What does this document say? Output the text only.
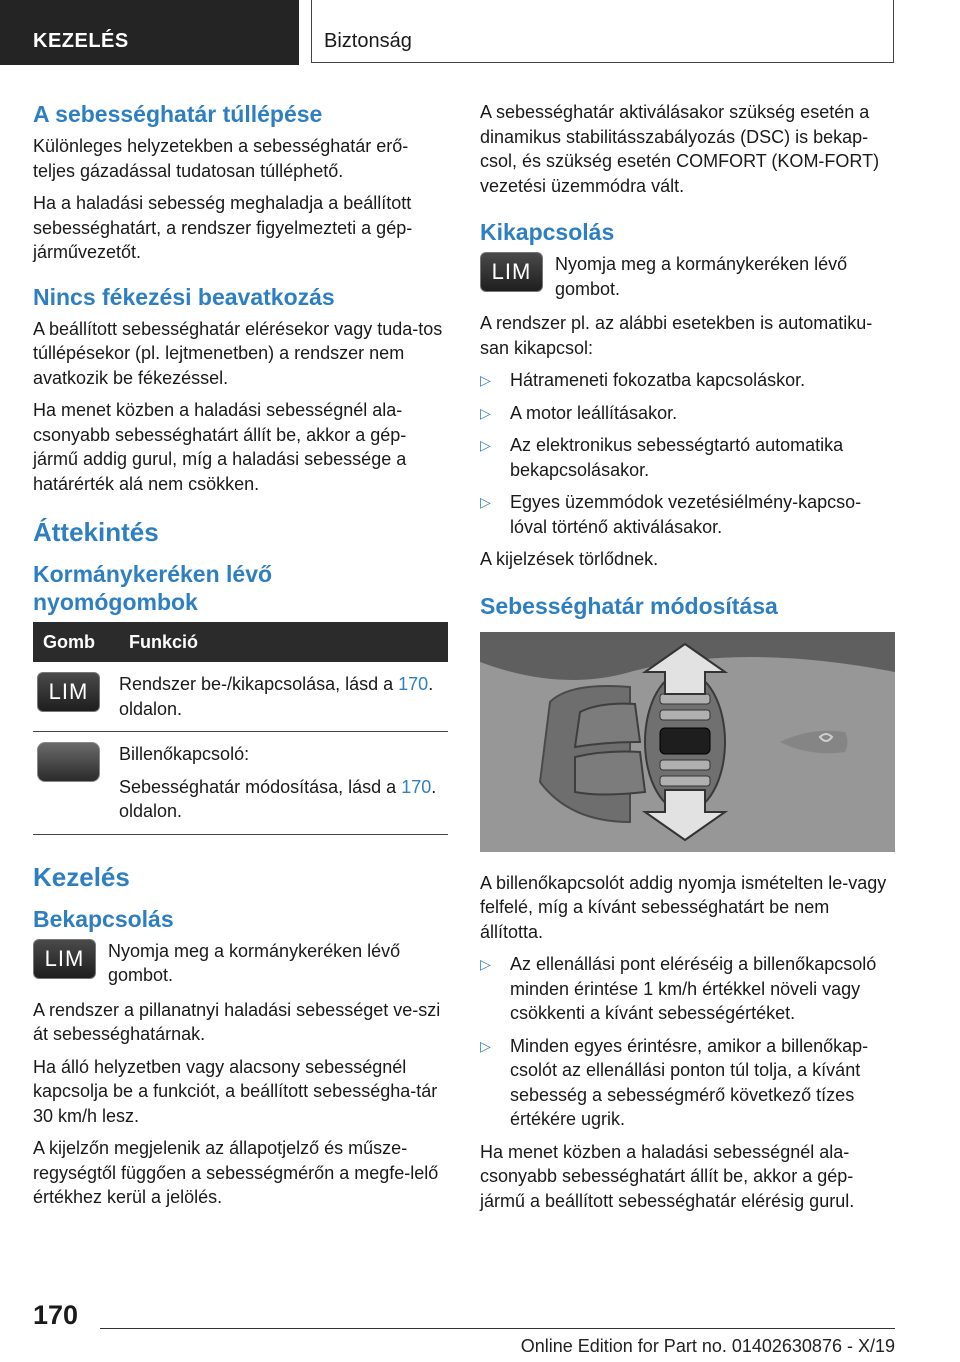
KEZELÉS	Biztonság
A sebességhatár túllépése

Különleges helyzetekben a sebességhatár erő-teljes gázadással tudatosan túlléphető.

Ha a haladási sebesség meghaladja a beállított sebességhatárt, a rendszer figyelmezteti a gép-járművezetőt.

Nincs fékezési beavatkozás

A beállított sebességhatár elérésekor vagy tuda-tos túllépésekor (pl. lejtmenetben) a rendszer nem avatkozik be fékezéssel.

Ha menet közben a haladási sebességnél ala-csonyabb sebességhatárt állít be, akkor a gép-jármű addig gurul, míg a haladási sebessége a határérték alá nem csökken.

Áttekintés
Kormánykeréken lévő nyomógombok
Gomb	Funkció
LIM	Rendszer be-/kikapcsolása, lásd a 170. oldalon.

	Billenőkapcsoló:
Sebességhatár módosítása, lásd a 170. oldalon.
Kezelés
Bekapcsolás
LIM	Nyomja meg a kormánykeréken lévő gombot.

A rendszer a pillanatnyi haladási sebességet ve-szi át sebességhatárnak.

Ha álló helyzetben vagy alacsony sebességnél kapcsolja be a funkciót, a beállított sebességha-tár 30 km/h lesz.

A kijelzőn megjelenik az állapotjelző és műsze-regységtől függően a sebességmérőn a megfe-lelő értékhez kerül a jelölés.

A sebességhatár aktiválásakor szükség esetén a dinamikus stabilitásszabályozás (DSC) is bekap-csol, és szükség esetén COMFORT (KOM-FORT) vezetési üzemmódra vált.

Kikapcsolás
LIM	Nyomja meg a kormánykeréken lévő gombot.

A rendszer pl. az alábbi esetekben is automatiku-san kikapcsol:

▷ Hátrameneti fokozatba kapcsoláskor.
▷ A motor leállításakor.
▷ Az elektronikus sebességtartó automatika bekapcsolásakor.
▷ Egyes üzemmódok vezetésiélmény-kapcso-lóval történő aktiválásakor.

A kijelzések törlődnek.

Sebességhatár módosítása

A billenőkapcsolót addig nyomja ismételten le-vagy felfelé, míg a kívánt sebességhatárt be nem állította.

▷ Az ellenállási pont eléréséig a billenőkapcsoló minden érintése 1 km/h értékkel növeli vagy csökkenti a kívánt sebességértéket.
▷ Minden egyes érintésre, amikor a billenőkap-csolót az ellenállási ponton túl tolja, a kívánt sebesség a sebességmérő következő tízes értékére ugrik.

Ha menet közben a haladási sebességnél ala-csonyabb sebességhatárt állít be, akkor a gép-jármű a beállított sebességhatár elérésig gurul.

170
Online Edition for Part no. 01402630876 - X/19
